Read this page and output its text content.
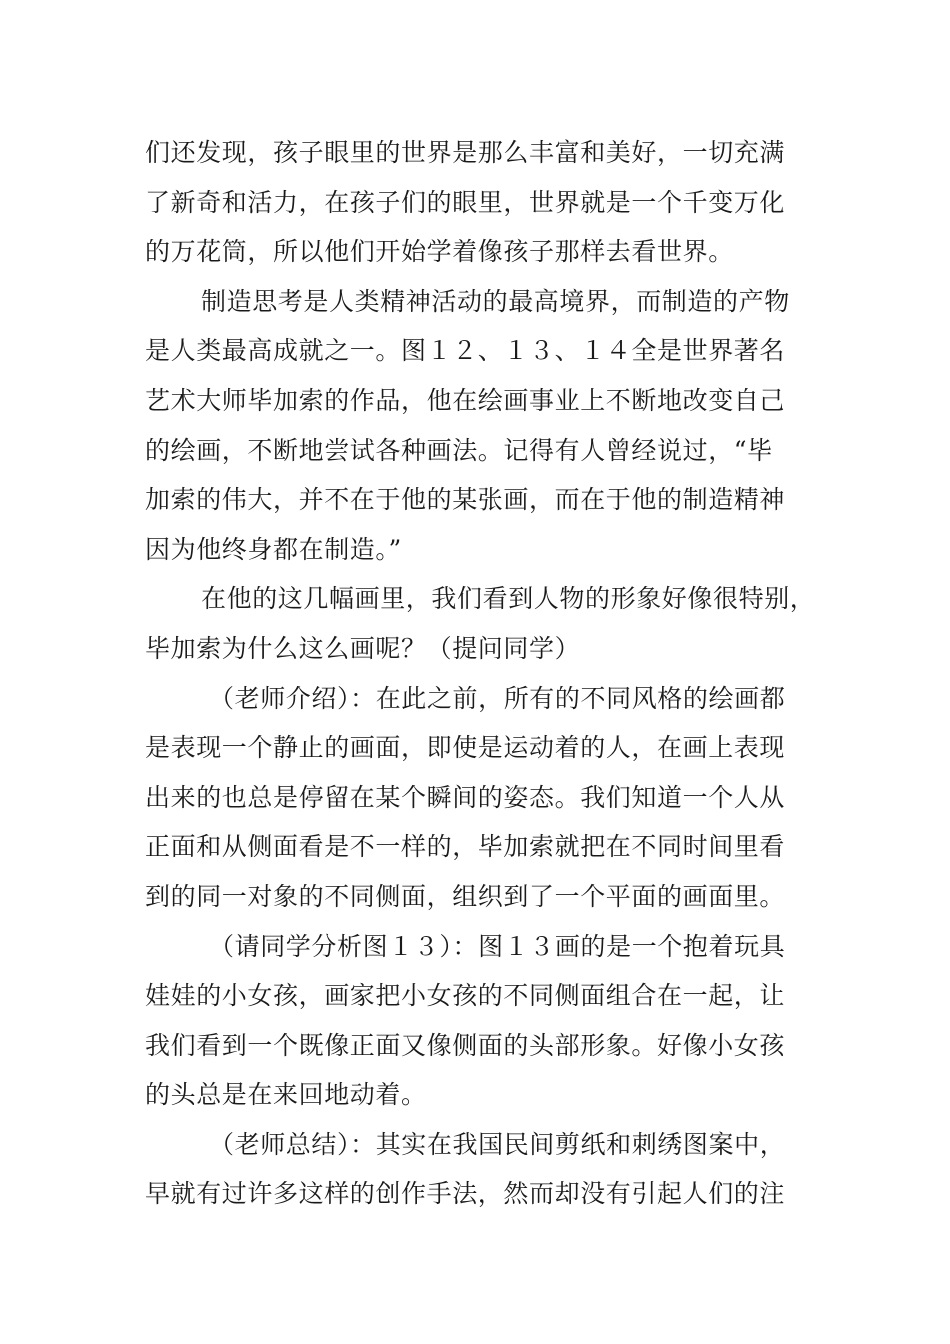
们还发现，孩子眼里的世界是那么丰富和美好，一切充满
了新奇和活力，在孩子们的眼里，世界就是一个千变万化
的万花筒，所以他们开始学着像孩子那样去看世界。
制造思考是人类精神活动的最高境界，而制造的产物
是人类最高成就之一。图１２、１３、１４全是世界著名
艺术大师毕加索的作品，他在绘画事业上不断地改变自己
的绘画，不断地尝试各种画法。记得有人曾经说过，“毕
加索的伟大，并不在于他的某张画，而在于他的制造精神
因为他终身都在制造。”
在他的这几幅画里，我们看到人物的形象好像很特别，
毕加索为什么这么画呢？（提问同学）
（老师介绍）：在此之前，所有的不同风格的绘画都
是表现一个静止的画面，即使是运动着的人，在画上表现
出来的也总是停留在某个瞬间的姿态。我们知道一个人从
正面和从侧面看是不一样的，毕加索就把在不同时间里看
到的同一对象的不同侧面，组织到了一个平面的画面里。
（请同学分析图１３）：图１３画的是一个抱着玩具
娃娃的小女孩，画家把小女孩的不同侧面组合在一起，让
我们看到一个既像正面又像侧面的头部形象。好像小女孩
的头总是在来回地动着。
（老师总结）：其实在我国民间剪纸和刺绣图案中，
早就有过许多这样的创作手法，然而却没有引起人们的注
